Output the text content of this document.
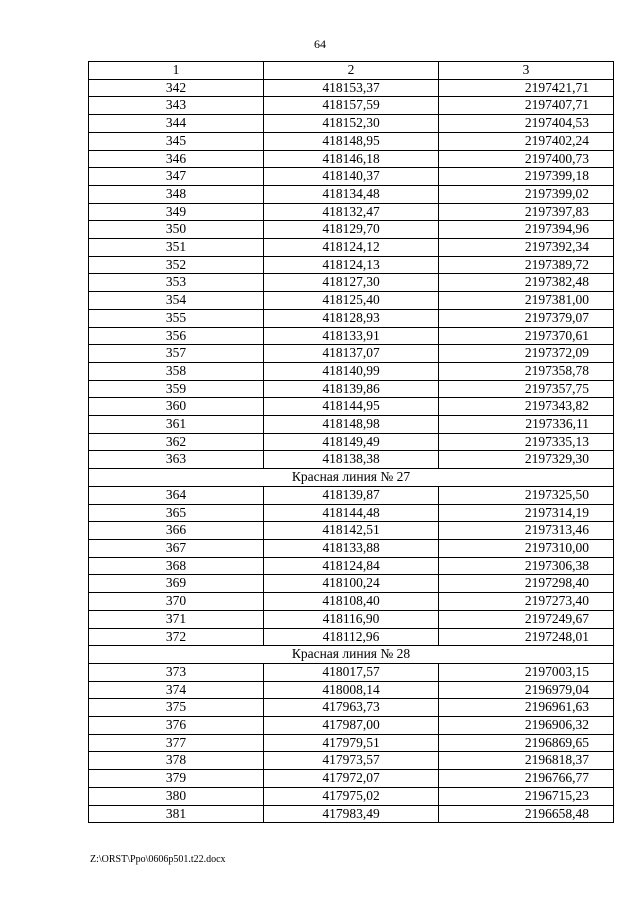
64
1	2	3
342	418153,37	2197421,71
343	418157,59	2197407,71
344	418152,30	2197404,53
345	418148,95	2197402,24
346	418146,18	2197400,73
347	418140,37	2197399,18
348	418134,48	2197399,02
349	418132,47	2197397,83
350	418129,70	2197394,96
351	418124,12	2197392,34
352	418124,13	2197389,72
353	418127,30	2197382,48
354	418125,40	2197381,00
355	418128,93	2197379,07
356	418133,91	2197370,61
357	418137,07	2197372,09
358	418140,99	2197358,78
359	418139,86	2197357,75
360	418144,95	2197343,82
361	418148,98	2197336,11
362	418149,49	2197335,13
363	418138,38	2197329,30
Красная линия № 27		
364	418139,87	2197325,50
365	418144,48	2197314,19
366	418142,51	2197313,46
367	418133,88	2197310,00
368	418124,84	2197306,38
369	418100,24	2197298,40
370	418108,40	2197273,40
371	418116,90	2197249,67
372	418112,96	2197248,01
Красная линия № 28		
373	418017,57	2197003,15
374	418008,14	2196979,04
375	417963,73	2196961,63
376	417987,00	2196906,32
377	417979,51	2196869,65
378	417973,57	2196818,37
379	417972,07	2196766,77
380	417975,02	2196715,23
381	417983,49	2196658,48
Z:\ORST\Ppo\0606p501.t22.docx
